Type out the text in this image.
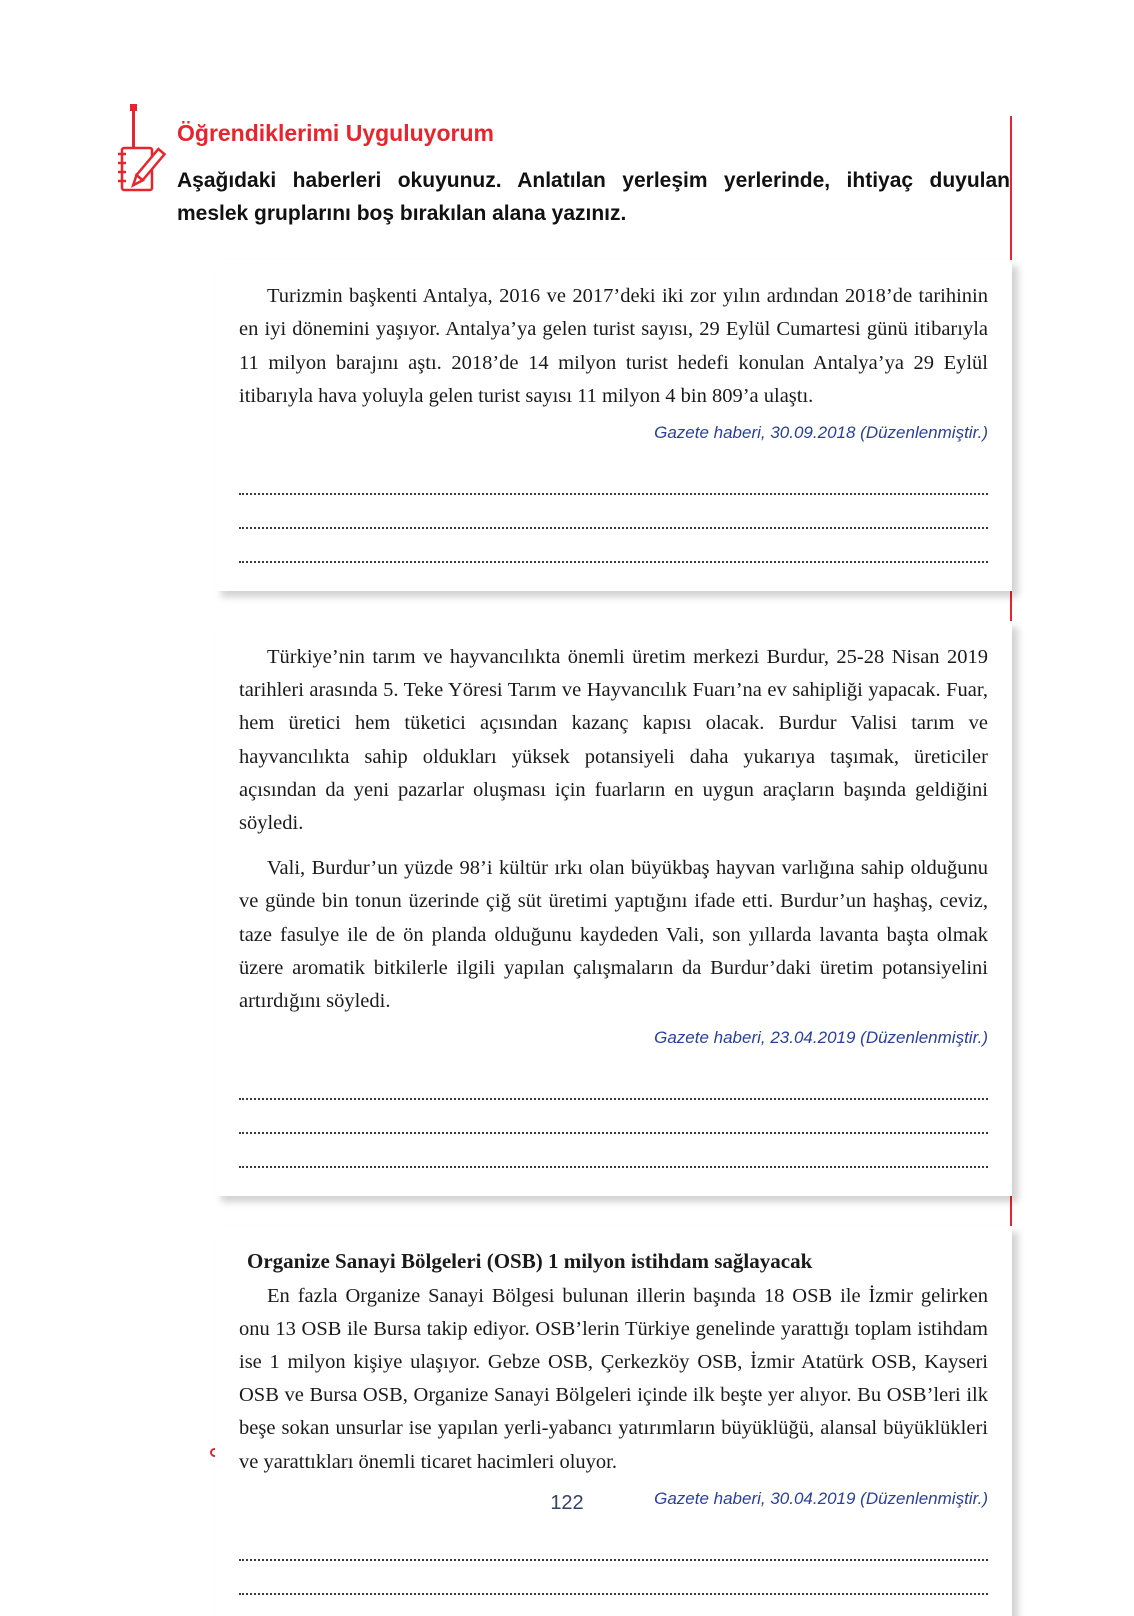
Öğrendiklerimi Uyguluyorum

Aşağıdaki haberleri okuyunuz. Anlatılan yerleşim yerlerinde, ihtiyaç duyulan meslek gruplarını boş bırakılan alana yazınız.

Turizmin başkenti Antalya, 2016 ve 2017’deki iki zor yılın ardından 2018’de tarihinin en iyi dönemini yaşıyor. Antalya’ya gelen turist sayısı, 29 Eylül Cumartesi günü itibarıyla 11 milyon barajını aştı. 2018’de 14 milyon turist hedefi konulan Antalya’ya 29 Eylül itibarıyla hava yoluyla gelen turist sayısı 11 milyon 4 bin 809’a ulaştı.

Gazete haberi, 30.09.2018 (Düzenlenmiştir.)

Türkiye’nin tarım ve hayvancılıkta önemli üretim merkezi Burdur, 25-28 Nisan 2019 tarihleri arasında 5. Teke Yöresi Tarım ve Hayvancılık Fuarı’na ev sahipliği yapacak. Fuar, hem üretici hem tüketici açısından kazanç kapısı olacak. Burdur Valisi tarım ve hayvancılıkta sahip oldukları yüksek potansiyeli daha yukarıya taşımak, üreticiler açısından da yeni pazarlar oluşması için fuarların en uygun araçların başında geldiğini söyledi.

Vali, Burdur’un yüzde 98’i kültür ırkı olan büyükbaş hayvan varlığına sahip olduğunu ve günde bin tonun üzerinde çiğ süt üretimi yaptığını ifade etti. Burdur’un haşhaş, ceviz, taze fasulye ile de ön planda olduğunu kaydeden Vali, son yıllarda lavanta başta olmak üzere aromatik bitkilerle ilgili yapılan çalışmaların da Burdur’daki üretim potansiyelini artırdığını söyledi.

Gazete haberi, 23.04.2019 (Düzenlenmiştir.)

Organize Sanayi Bölgeleri (OSB) 1 milyon istihdam sağlayacak

En fazla Organize Sanayi Bölgesi bulunan illerin başında 18 OSB ile İzmir gelirken onu 13 OSB ile Bursa takip ediyor. OSB’lerin Türkiye genelinde yarattığı toplam istihdam ise 1 milyon kişiye ulaşıyor. Gebze OSB, Çerkezköy OSB, İzmir Atatürk OSB, Kayseri OSB ve Bursa OSB, Organize Sanayi Bölgeleri içinde ilk beşte yer alıyor. Bu OSB’leri ilk beşe sokan unsurlar ise yapılan yerli-yabancı yatırımların büyüklüğü, alansal büyüklükleri ve yarattıkları önemli ticaret hacimleri oluyor.

Gazete haberi, 30.04.2019 (Düzenlenmiştir.)

122
